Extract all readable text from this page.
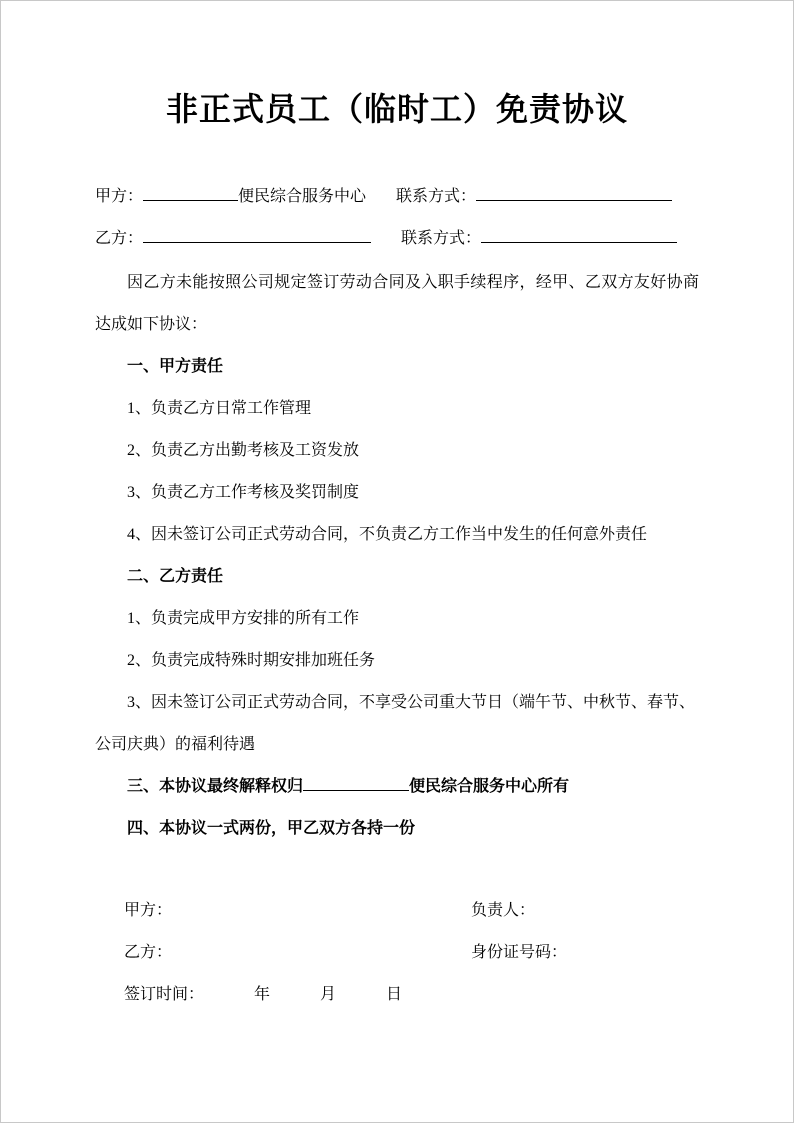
非正式员工（临时工）免责协议
甲方：	便民综合服务中心 联系方式：
乙方：	联系方式：

因乙方未能按照公司规定签订劳动合同及入职手续程序，经甲、乙双方友好协商达成如下协议：

一、甲方责任

1、负责乙方日常工作管理

2、负责乙方出勤考核及工资发放

3、负责乙方工作考核及奖罚制度

4、因未签订公司正式劳动合同，不负责乙方工作当中发生的任何意外责任

二、乙方责任

1、负责完成甲方安排的所有工作

2、负责完成特殊时期安排加班任务

3、因未签订公司正式劳动合同，不享受公司重大节日（端午节、中秋节、春节、公司庆典）的福利待遇

三、本协议最终解释权归	便民综合服务中心所有
四、本协议一式两份，甲乙双方各持一份
甲方：	负责人：
乙方：	身份证号码：
签订时间：	年	月	日
